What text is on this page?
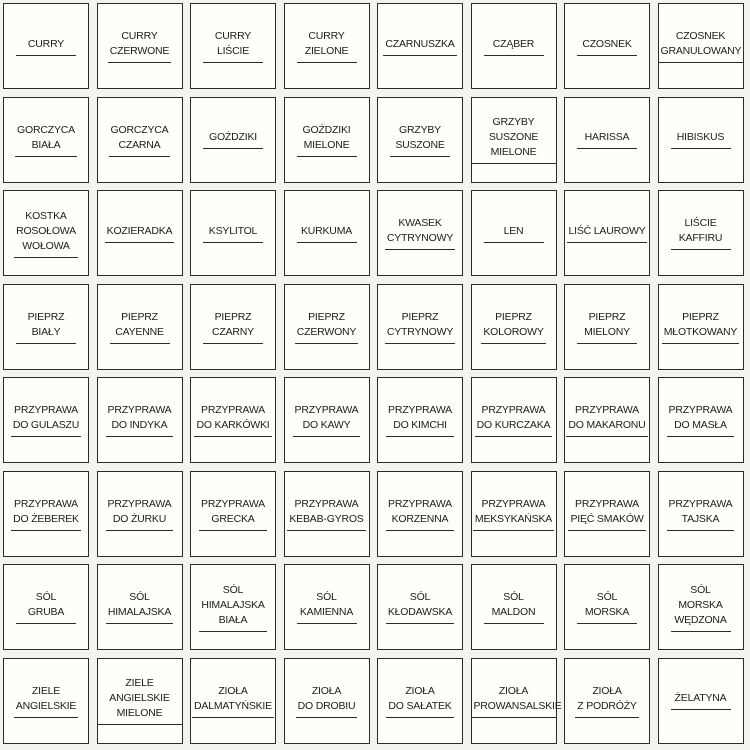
CURRY
CURRY
CZERWONE
CURRY
LIŚCIE
CURRY
ZIELONE
CZARNUSZKA	CZĄBER	CZOSNEK
CZOSNEK
GRANULOWANY
GORCZYCA
BIAŁA
GORCZYCA
CZARNA
GOŹDZIKI
GOŹDZIKI
MIELONE
GRZYBY
SUSZONE
GRZYBY SUSZONE
MIELONE
HARISSA	HIBISKUS
KOSTKA
ROSOŁOWA
WOŁOWA
KOZIERADKA	KSYLITOL	KURKUMA
KWASEK
CYTRYNOWY
LEN	LIŚĆ LAUROWY
LIŚCIE
KAFFIRU
PIEPRZ
BIAŁY
PIEPRZ
CAYENNE
PIEPRZ
CZARNY
PIEPRZ
CZERWONY
PIEPRZ
CYTRYNOWY
PIEPRZ
KOLOROWY
PIEPRZ
MIELONY
PIEPRZ
MŁOTKOWANY
PRZYPRAWA
DO GULASZU
PRZYPRAWA
DO INDYKA
PRZYPRAWA
DO KARKÓWKI
PRZYPRAWA
DO KAWY
PRZYPRAWA
DO KIMCHI
PRZYPRAWA
DO KURCZAKA
PRZYPRAWA
DO MAKARONU
PRZYPRAWA
DO MASŁA
PRZYPRAWA
DO ŻEBEREK
PRZYPRAWA
DO ŻURKU
PRZYPRAWA
GRECKA
PRZYPRAWA
KEBAB-GYROS
PRZYPRAWA
KORZENNA
PRZYPRAWA
MEKSYKAŃSKA
PRZYPRAWA
PIĘĆ SMAKÓW
PRZYPRAWA
TAJSKA
SÓL
GRUBA
SÓL
HIMALAJSKA
SÓL
HIMALAJSKA
BIAŁA
SÓL
KAMIENNA
SÓL
KŁODAWSKA
SÓL
MALDON
SÓL
MORSKA
SÓL
MORSKA
WĘDZONA
ZIELE
ANGIELSKIE
ZIELE ANGIELSKIE
MIELONE
ZIOŁA
DALMATYŃSKIE
ZIOŁA
DO DROBIU
ZIOŁA
DO SAŁATEK
ZIOŁA
PROWANSALSKIE
ZIOŁA
Z PODRÓŻY
ŻELATYNA
